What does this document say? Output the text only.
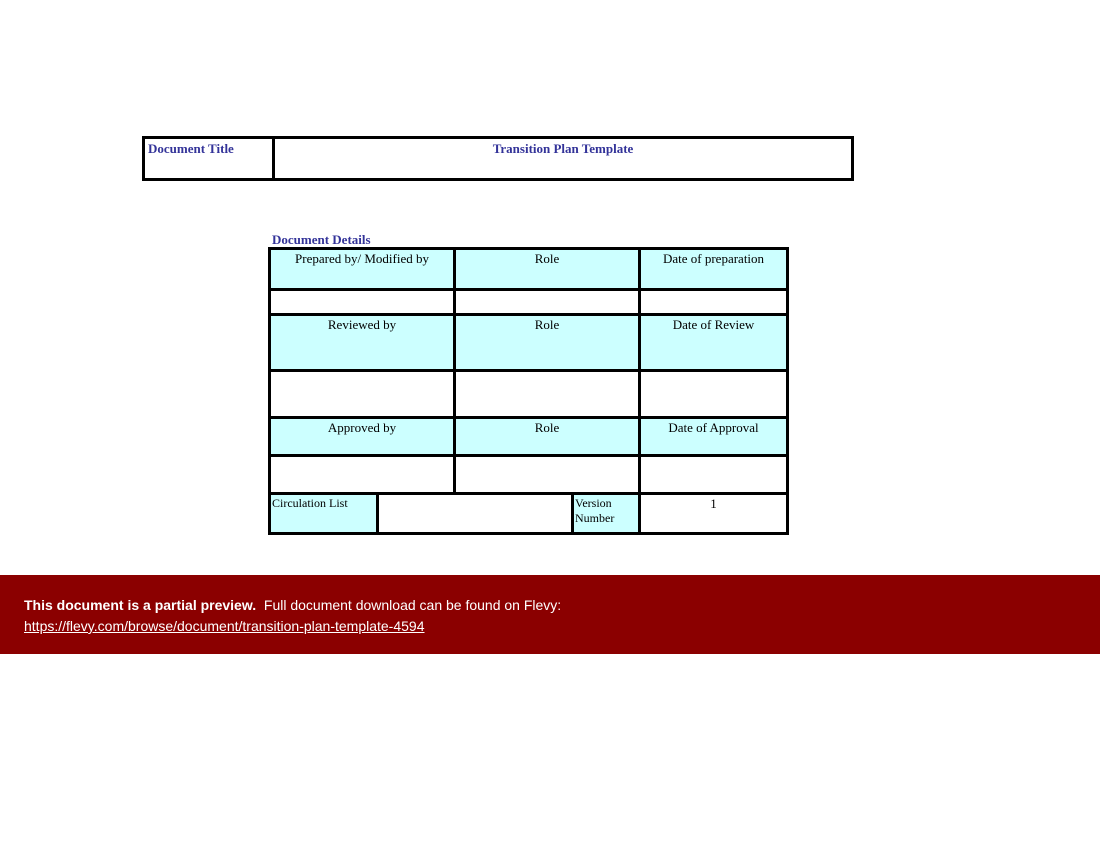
Document Title	Transition Plan Template
Document Details
Prepared by/ Modified by		Role		Date of preparation

Reviewed by		Role		Date of Review

Approved by		Role		Date of Approval

Circulation List			Version Number	1
This document is a partial preview. Full document download can be found on Flevy:
https://flevy.com/browse/document/transition-plan-template-4594
